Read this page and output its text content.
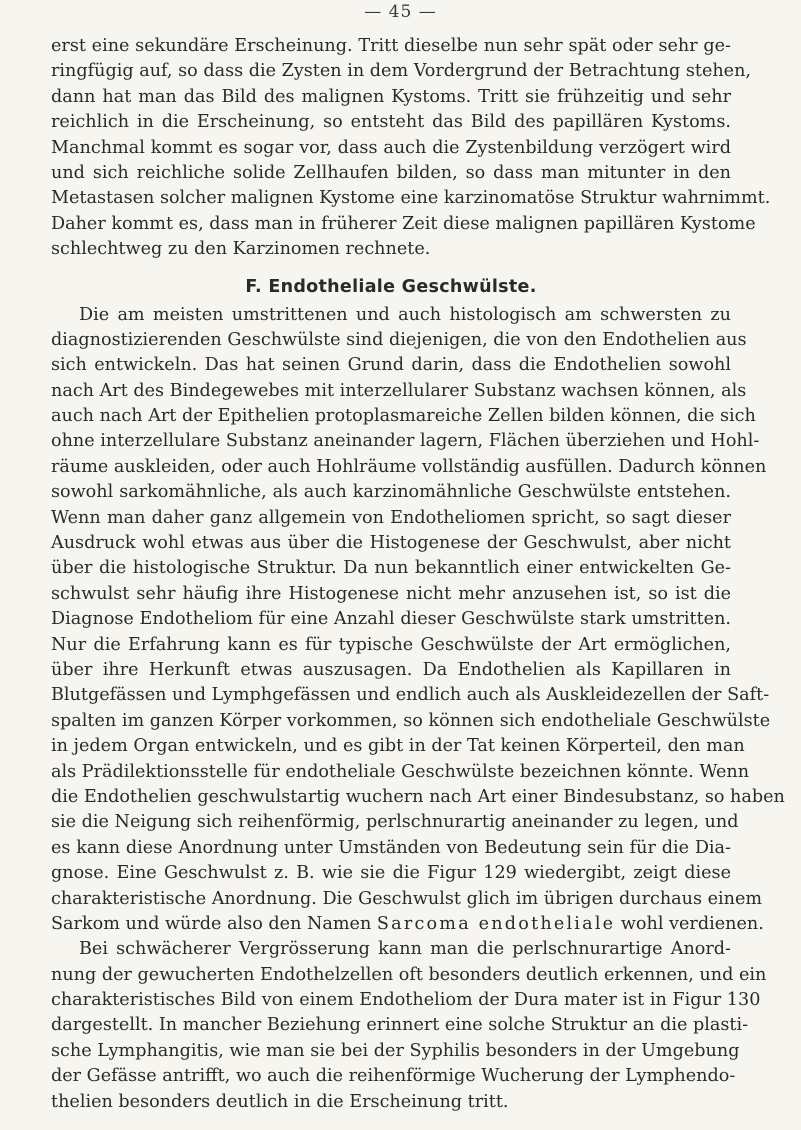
— 45 —
erst eine sekundäre Erscheinung. Tritt dieselbe nun sehr spät oder sehr ge-
ringfügig auf, so dass die Zysten in dem Vordergrund der Betrachtung stehen,
dann hat man das Bild des malignen Kystoms. Tritt sie frühzeitig und sehr
reichlich in die Erscheinung, so entsteht das Bild des papillären Kystoms.
Manchmal kommt es sogar vor, dass auch die Zystenbildung verzögert wird
und sich reichliche solide Zellhaufen bilden, so dass man mitunter in den
Metastasen solcher malignen Kystome eine karzinomatöse Struktur wahrnimmt.
Daher kommt es, dass man in früherer Zeit diese malignen papillären Kystome
schlechtweg zu den Karzinomen rechnete.
F. Endotheliale Geschwülste.
Die am meisten umstrittenen und auch histologisch am schwersten zu
diagnostizierenden Geschwülste sind diejenigen, die von den Endothelien aus
sich entwickeln. Das hat seinen Grund darin, dass die Endothelien sowohl
nach Art des Bindegewebes mit interzellularer Substanz wachsen können, als
auch nach Art der Epithelien protoplasmareiche Zellen bilden können, die sich
ohne interzellulare Substanz aneinander lagern, Flächen überziehen und Hohl-
räume auskleiden, oder auch Hohlräume vollständig ausfüllen. Dadurch können
sowohl sarkomähnliche, als auch karzinomähnliche Geschwülste entstehen.
Wenn man daher ganz allgemein von Endotheliomen spricht, so sagt dieser
Ausdruck wohl etwas aus über die Histogenese der Geschwulst, aber nicht
über die histologische Struktur. Da nun bekanntlich einer entwickelten Ge-
schwulst sehr häufig ihre Histogenese nicht mehr anzusehen ist, so ist die
Diagnose Endotheliom für eine Anzahl dieser Geschwülste stark umstritten.
Nur die Erfahrung kann es für typische Geschwülste der Art ermöglichen,
über ihre Herkunft etwas auszusagen. Da Endothelien als Kapillaren in
Blutgefässen und Lymphgefässen und endlich auch als Auskleidezellen der Saft-
spalten im ganzen Körper vorkommen, so können sich endotheliale Geschwülste
in jedem Organ entwickeln, und es gibt in der Tat keinen Körperteil, den man
als Prädilektionsstelle für endotheliale Geschwülste bezeichnen könnte. Wenn
die Endothelien geschwulstartig wuchern nach Art einer Bindesubstanz, so haben
sie die Neigung sich reihenförmig, perlschnurartig aneinander zu legen, und
es kann diese Anordnung unter Umständen von Bedeutung sein für die Dia-
gnose. Eine Geschwulst z. B. wie sie die Figur 129 wiedergibt, zeigt diese
charakteristische Anordnung. Die Geschwulst glich im übrigen durchaus einem
Sarkom und würde also den Namen Sarcoma endotheliale wohl verdienen.
Bei schwächerer Vergrösserung kann man die perlschnurartige Anord-
nung der gewucherten Endothelzellen oft besonders deutlich erkennen, und ein
charakteristisches Bild von einem Endotheliom der Dura mater ist in Figur 130
dargestellt. In mancher Beziehung erinnert eine solche Struktur an die plasti-
sche Lymphangitis, wie man sie bei der Syphilis besonders in der Umgebung
der Gefässe antrifft, wo auch die reihenförmige Wucherung der Lymphendo-
thelien besonders deutlich in die Erscheinung tritt.
